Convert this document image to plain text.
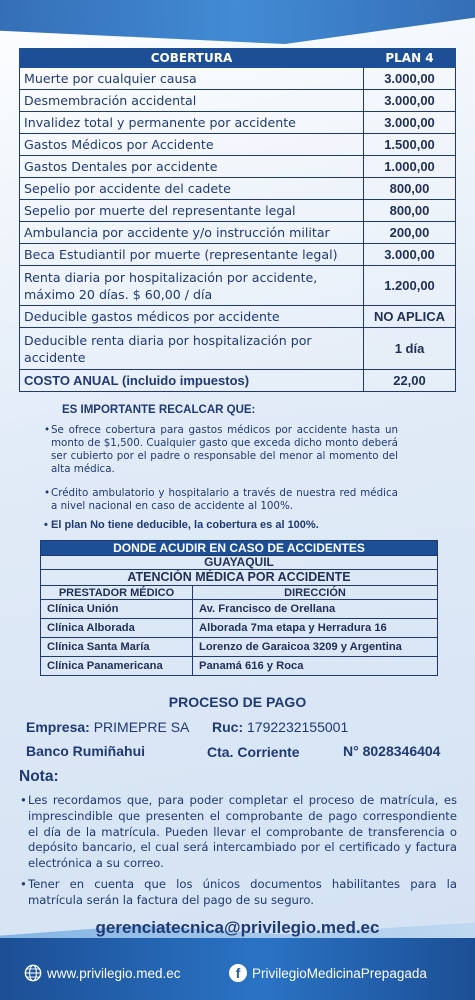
COBERTURA	PLAN 4
Muerte por cualquier causa	3.000,00
Desmembración accidental	3.000,00
Invalidez total y permanente por accidente	3.000,00
Gastos Médicos por Accidente	1.500,00
Gastos Dentales por accidente	1.000,00
Sepelio por accidente del cadete	800,00
Sepelio por muerte del representante legal	800,00
Ambulancia por accidente y/o instrucción militar	200,00
Beca Estudiantil por muerte (representante legal)	3.000,00
Renta diaria por hospitalización por accidente, máximo 20 días. $ 60,00 / día	1.200,00
Deducible gastos médicos por accidente	NO APLICA
Deducible renta diaria por hospitalización por accidente	1 día
COSTO ANUAL (incluido impuestos)	22,00
ES IMPORTANTE RECALCAR QUE:
• Se ofrece cobertura para gastos médicos por accidente hasta un monto de $1,500. Cualquier gasto que exceda dicho monto deberá ser cubierto por el padre o responsable del menor al momento del alta médica.
• Crédito ambulatorio y hospitalario a través de nuestra red médica a nivel nacional en caso de accidente al 100%.
• El plan No tiene deducible, la cobertura es al 100%.
DONDE ACUDIR EN CASO DE ACCIDENTES	
GUAYAQUIL	
ATENCIÓN MÉDICA POR ACCIDENTE	
PRESTADOR MÉDICO	DIRECCIÓN
Clínica Unión	Av. Francisco de Orellana
Clínica Alborada	Alborada 7ma etapa y Herradura 16
Clínica Santa María	Lorenzo de Garaicoa 3209 y Argentina
Clínica Panamericana	Panamá 616 y Roca
PROCESO DE PAGO
Empresa: PRIMEPRE SA Ruc: 1792232155001
Banco Rumiñahui	Cta. Corriente	N° 8028346404
Nota:
• Les recordamos que, para poder completar el proceso de matrícula, es imprescindible que presenten el comprobante de pago correspondiente el día de la matrícula. Pueden llevar el comprobante de transferencia o depósito bancario, el cual será intercambiado por el certificado y factura electrónica a su correo.
• Tener en cuenta que los únicos documentos habilitantes para la matrícula serán la factura del pago de su seguro.
gerenciatecnica@privilegio.med.ec
www.privilegio.med.ec	f PrivilegioMedicinaPrepagada
